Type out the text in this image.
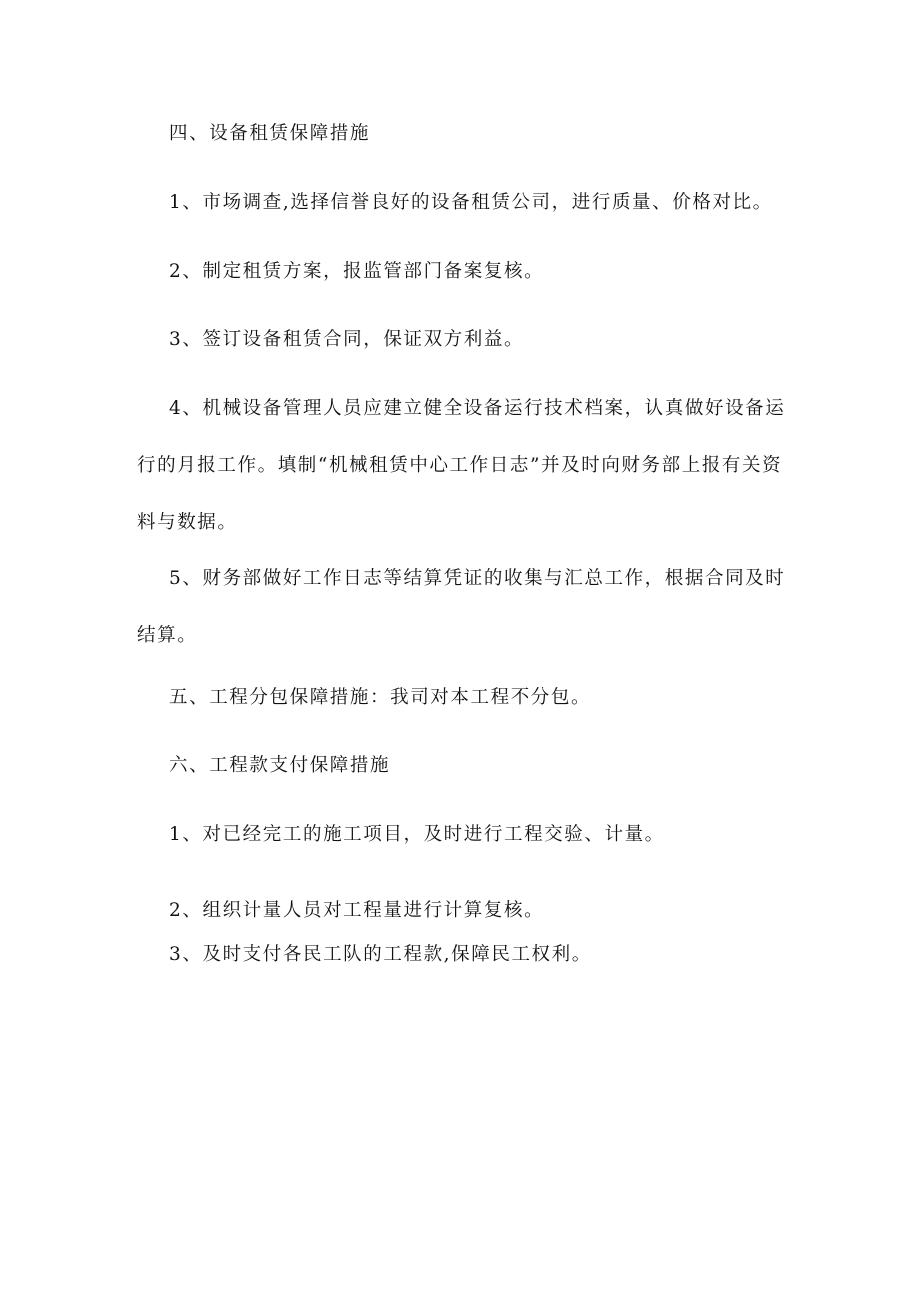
四、设备租赁保障措施

1、市场调查,选择信誉良好的设备租赁公司，进行质量、价格对比。

2、制定租赁方案，报监管部门备案复核。

3、签订设备租赁合同，保证双方利益。

4、机械设备管理人员应建立健全设备运行技术档案，认真做好设备运行的月报工作。填制“机械租赁中心工作日志”并及时向财务部上报有关资料与数据。

5、财务部做好工作日志等结算凭证的收集与汇总工作，根据合同及时结算。

五、工程分包保障措施：我司对本工程不分包。

六、工程款支付保障措施

1、对已经完工的施工项目，及时进行工程交验、计量。

2、组织计量人员对工程量进行计算复核。

3、及时支付各民工队的工程款,保障民工权利。
